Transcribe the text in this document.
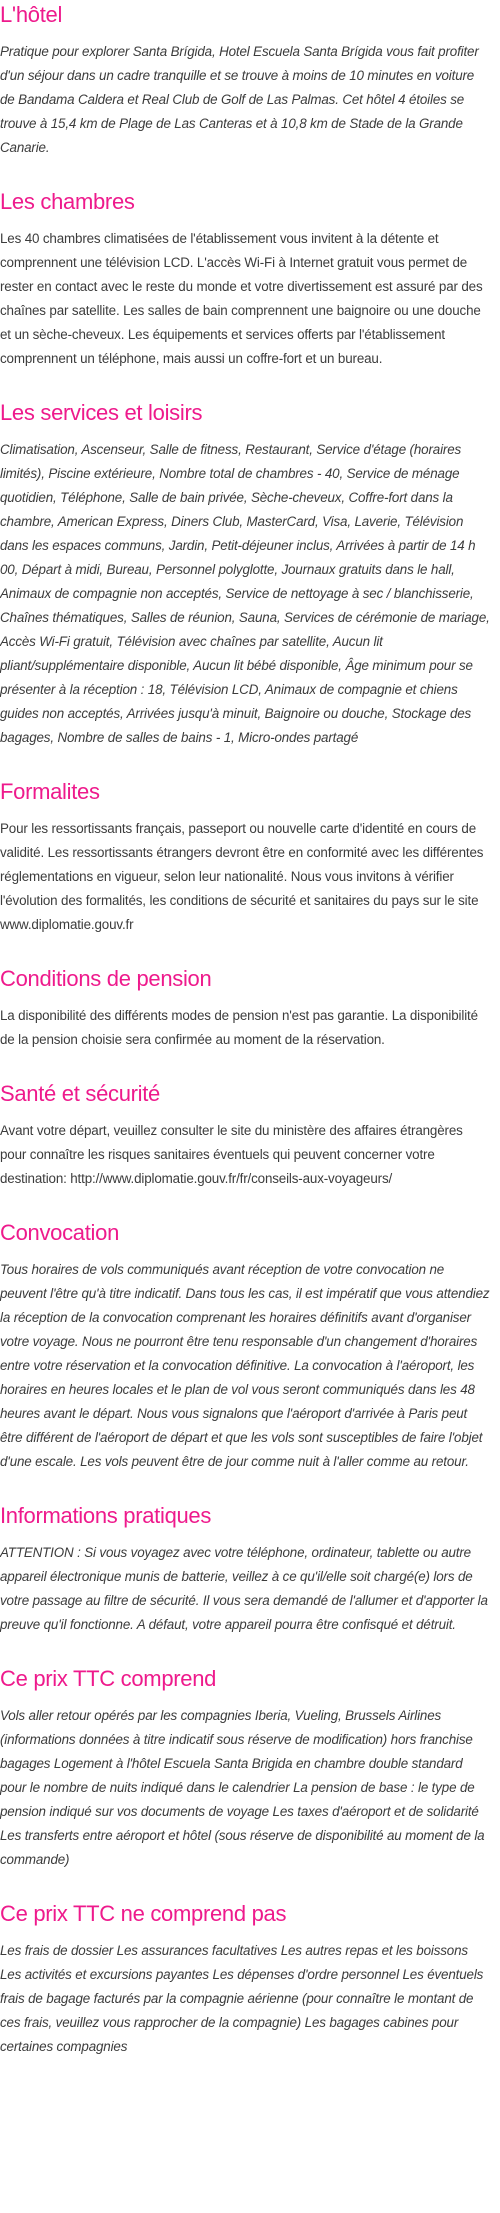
L'hôtel

Pratique pour explorer Santa Brígida, Hotel Escuela Santa Brígida vous fait profiter d'un séjour dans un cadre tranquille et se trouve à moins de 10 minutes en voiture de Bandama Caldera et Real Club de Golf de Las Palmas. Cet hôtel 4 étoiles se trouve à 15,4 km de Plage de Las Canteras et à 10,8 km de Stade de la Grande Canarie.

Les chambres

Les 40 chambres climatisées de l'établissement vous invitent à la détente et comprennent une télévision LCD. L'accès Wi-Fi à Internet gratuit vous permet de rester en contact avec le reste du monde et votre divertissement est assuré par des chaînes par satellite. Les salles de bain comprennent une baignoire ou une douche et un sèche-cheveux. Les équipements et services offerts par l'établissement comprennent un téléphone, mais aussi un coffre-fort et un bureau.

Les services et loisirs

Climatisation, Ascenseur, Salle de fitness, Restaurant, Service d'étage (horaires limités), Piscine extérieure, Nombre total de chambres - 40, Service de ménage quotidien, Téléphone, Salle de bain privée, Sèche-cheveux, Coffre-fort dans la chambre, American Express, Diners Club, MasterCard, Visa, Laverie, Télévision dans les espaces communs, Jardin, Petit-déjeuner inclus, Arrivées à partir de 14 h 00, Départ à midi, Bureau, Personnel polyglotte, Journaux gratuits dans le hall, Animaux de compagnie non acceptés, Service de nettoyage à sec / blanchisserie, Chaînes thématiques, Salles de réunion, Sauna, Services de cérémonie de mariage, Accès Wi-Fi gratuit, Télévision avec chaînes par satellite, Aucun lit pliant/supplémentaire disponible, Aucun lit bébé disponible, Âge minimum pour se présenter à la réception : 18, Télévision LCD, Animaux de compagnie et chiens guides non acceptés, Arrivées jusqu'à minuit, Baignoire ou douche, Stockage des bagages, Nombre de salles de bains - 1, Micro-ondes partagé

Formalites

Pour les ressortissants français, passeport ou nouvelle carte d'identité en cours de validité. Les ressortissants étrangers devront être en conformité avec les différentes réglementations en vigueur, selon leur nationalité. Nous vous invitons à vérifier l'évolution des formalités, les conditions de sécurité et sanitaires du pays sur le site www.diplomatie.gouv.fr

Conditions de pension

La disponibilité des différents modes de pension n'est pas garantie. La disponibilité de la pension choisie sera confirmée au moment de la réservation.

Santé et sécurité

Avant votre départ, veuillez consulter le site du ministère des affaires étrangères pour connaître les risques sanitaires éventuels qui peuvent concerner votre destination: http://www.diplomatie.gouv.fr/fr/conseils-aux-voyageurs/

Convocation

Tous horaires de vols communiqués avant réception de votre convocation ne peuvent l'être qu'à titre indicatif. Dans tous les cas, il est impératif que vous attendiez la réception de la convocation comprenant les horaires définitifs avant d'organiser votre voyage. Nous ne pourront être tenu responsable d'un changement d'horaires entre votre réservation et la convocation définitive. La convocation à l'aéroport, les horaires en heures locales et le plan de vol vous seront communiqués dans les 48 heures avant le départ. Nous vous signalons que l'aéroport d'arrivée à Paris peut être différent de l'aéroport de départ et que les vols sont susceptibles de faire l'objet d'une escale. Les vols peuvent être de jour comme nuit à l'aller comme au retour.

Informations pratiques

ATTENTION : Si vous voyagez avec votre téléphone, ordinateur, tablette ou autre appareil électronique munis de batterie, veillez à ce qu'il/elle soit chargé(e) lors de votre passage au filtre de sécurité. Il vous sera demandé de l'allumer et d'apporter la preuve qu'il fonctionne. A défaut, votre appareil pourra être confisqué et détruit.

Ce prix TTC comprend

Vols aller retour opérés par les compagnies Iberia, Vueling, Brussels Airlines (informations données à titre indicatif sous réserve de modification) hors franchise bagages Logement à l'hôtel Escuela Santa Brigida en chambre double standard pour le nombre de nuits indiqué dans le calendrier La pension de base : le type de pension indiqué sur vos documents de voyage Les taxes d'aéroport et de solidarité Les transferts entre aéroport et hôtel (sous réserve de disponibilité au moment de la commande)

Ce prix TTC ne comprend pas

Les frais de dossier Les assurances facultatives Les autres repas et les boissons Les activités et excursions payantes Les dépenses d'ordre personnel Les éventuels frais de bagage facturés par la compagnie aérienne (pour connaître le montant de ces frais, veuillez vous rapprocher de la compagnie) Les bagages cabines pour certaines compagnies
